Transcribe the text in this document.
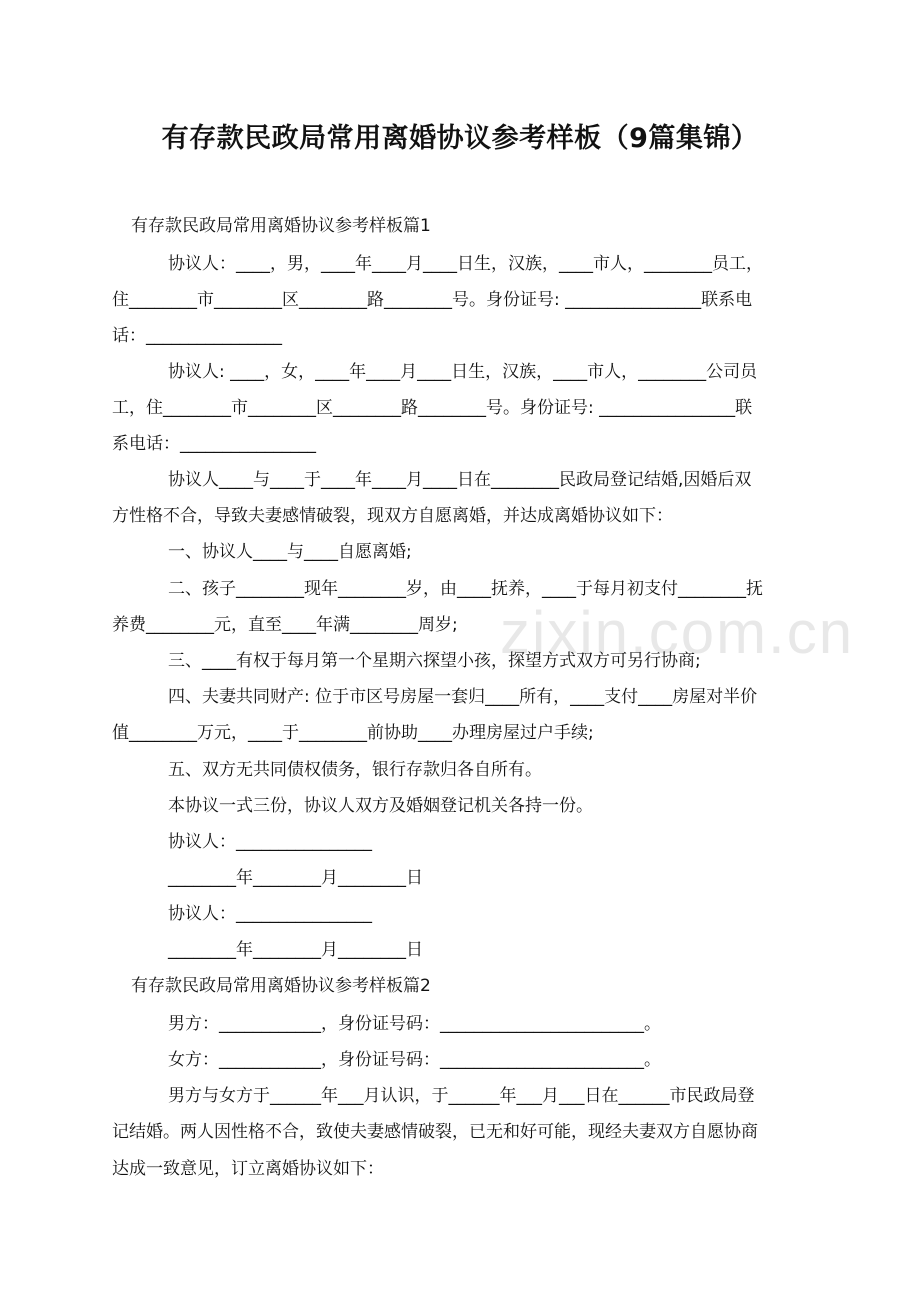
有存款民政局常用离婚协议参考样板（9篇集锦）
zixin.com.cn
有存款民政局常用离婚协议参考样板篇1
协议人：____，男，____年____月____日生，汉族，____市人，________员工，
住________市________区________路________号。身份证号: ________________联系电
话：________________
协议人: ____，女，____年____月____日生，汉族，____市人，________公司员
工，住________市________区________路________号。身份证号: ________________联
系电话：________________
协议人____与____于____年____月____日在________民政局登记结婚,因婚后双
方性格不合，导致夫妻感情破裂，现双方自愿离婚，并达成离婚协议如下：
一、协议人____与____自愿离婚;
二、孩子________现年________岁，由____抚养，____于每月初支付________抚
养费________元，直至____年满________周岁;
三、____有权于每月第一个星期六探望小孩，探望方式双方可另行协商;
四、夫妻共同财产: 位于市区号房屋一套归____所有，____支付____房屋对半价
值________万元，____于________前协助____办理房屋过户手续;
五、双方无共同债权债务，银行存款归各自所有。
本协议一式三份，协议人双方及婚姻登记机关各持一份。
协议人：________________
________年________月________日
协议人：________________
________年________月________日
有存款民政局常用离婚协议参考样板篇2
男方：____________，身份证号码：________________________。
女方：____________，身份证号码：________________________。
男方与女方于______年___月认识，于______年___月___日在______市民政局登
记结婚。两人因性格不合，致使夫妻感情破裂，已无和好可能，现经夫妻双方自愿协商
达成一致意见，订立离婚协议如下：
